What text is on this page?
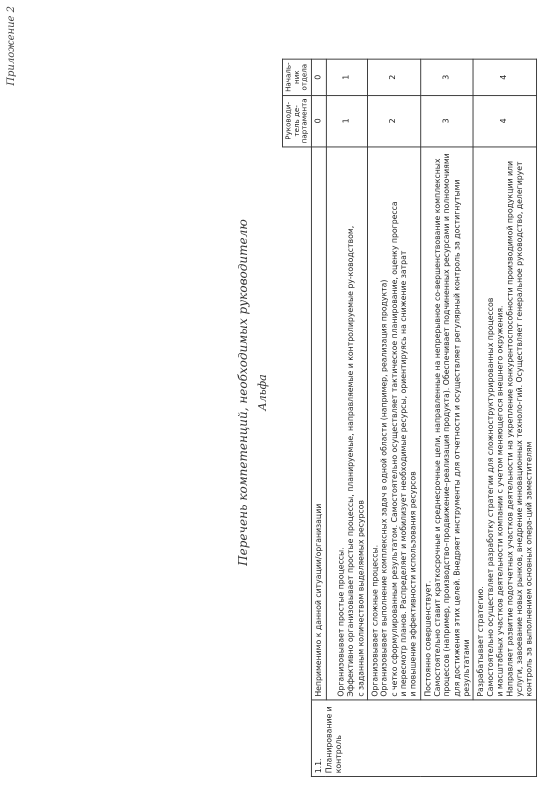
Приложение 2
		Руководи-тель де-партамента	Началь-ник отдела
1.1. Планирование и контроль	Неприменимо к данной ситуации/организации	0	0

	Организовывает простые процессы. Эффективно организовывает простые процессы, планируемые, направляемые и контролируемые ру-ководством, с заданным количеством выделяемых ресурсов	1	1

	Организовывает сложные процессы. Организовывает выполнение комплексных задач в одной области (например, реализация продукта) с четко сформулированным результатом. Самостоятельно осуществляет тактическое планирование, оценку прогресса и пересмотр планов. Распределяет и мобилизует необходимые ресурсы, ориентируясь на снижение затрат и повышение эффективности использования ресурсов	2	2

	Постоянно совершенствует. Самостоятельно ставит краткосрочные и среднесрочные цели, направленные на непрерывное со-вершенствование комплексных процессов (например, производство–продвижение–реализация продукта). Обеспечивает подчиненных ресурсами и полномочиями для достижения этих целей. Внедряет инструменты для отчетности и осуществляет регулярный контроль за достигнутыми результатами	3	3

	Разрабатывает стратегию. Самостоятельно осуществляет разработку стратегии для сложноструктурированных процессов и масштабных участков деятельности компании с учетом меняющегося внешнего окружения. Направляет развитие подотчетных участков деятельности на укрепление конкурентоспособности производимой продукции или услуги, завоевание новых рынков, внедрение инновационных техноло-гий. Осуществляет генеральное руководство, делегирует контроль за выполнением основных опера-ций заместителям	4	4
Перечень компетенций, необходимых руководителю Альфа
